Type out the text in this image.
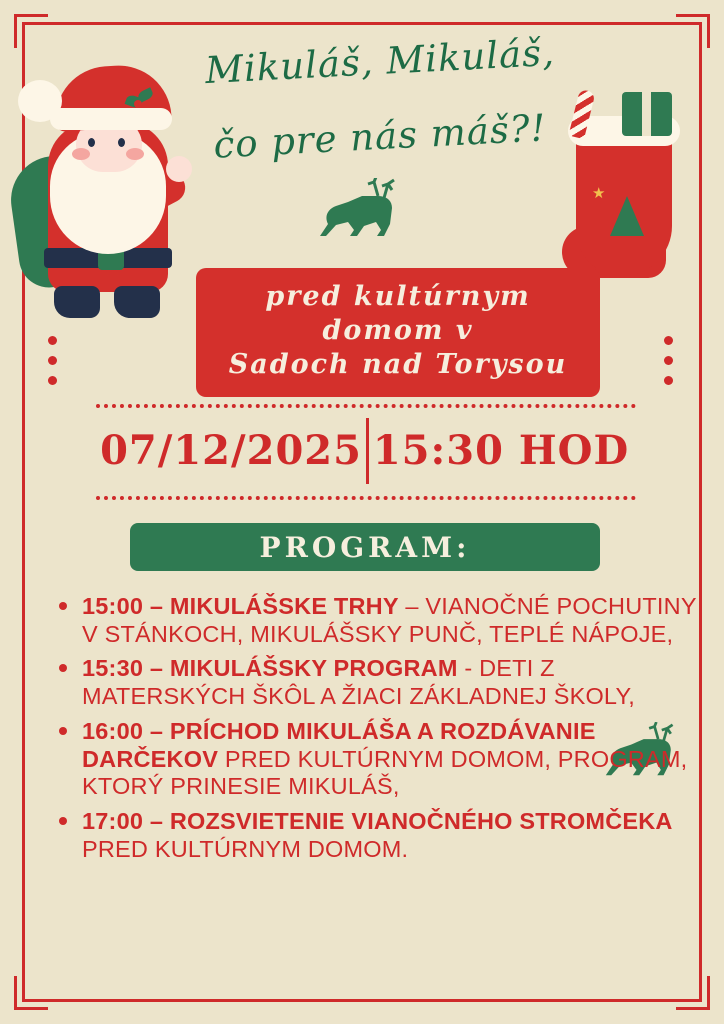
★
Mikuláš, Mikuláš,
čo pre nás máš?!
pred kultúrnym
domom v
Sadoch nad Torysou
07/12/2025 15:30 HOD
PROGRAM:
• 15:00 – MIKULÁŠSKE TRHY – VIANOČNÉ POCHUTINY V STÁNKOCH, MIKULÁŠSKY PUNČ, TEPLÉ NÁPOJE,
• 15:30 – MIKULÁŠSKY PROGRAM - DETI Z MATERSKÝCH ŠKÔL A ŽIACI ZÁKLADNEJ ŠKOLY,
• 16:00 – PRÍCHOD MIKULÁŠA A ROZDÁVANIE DARČEKOV PRED KULTÚRNYM DOMOM, PROGRAM, KTORÝ PRINESIE MIKULÁŠ,
• 17:00 – ROZSVIETENIE VIANOČNÉHO STROMČEKA PRED KULTÚRNYM DOMOM.
